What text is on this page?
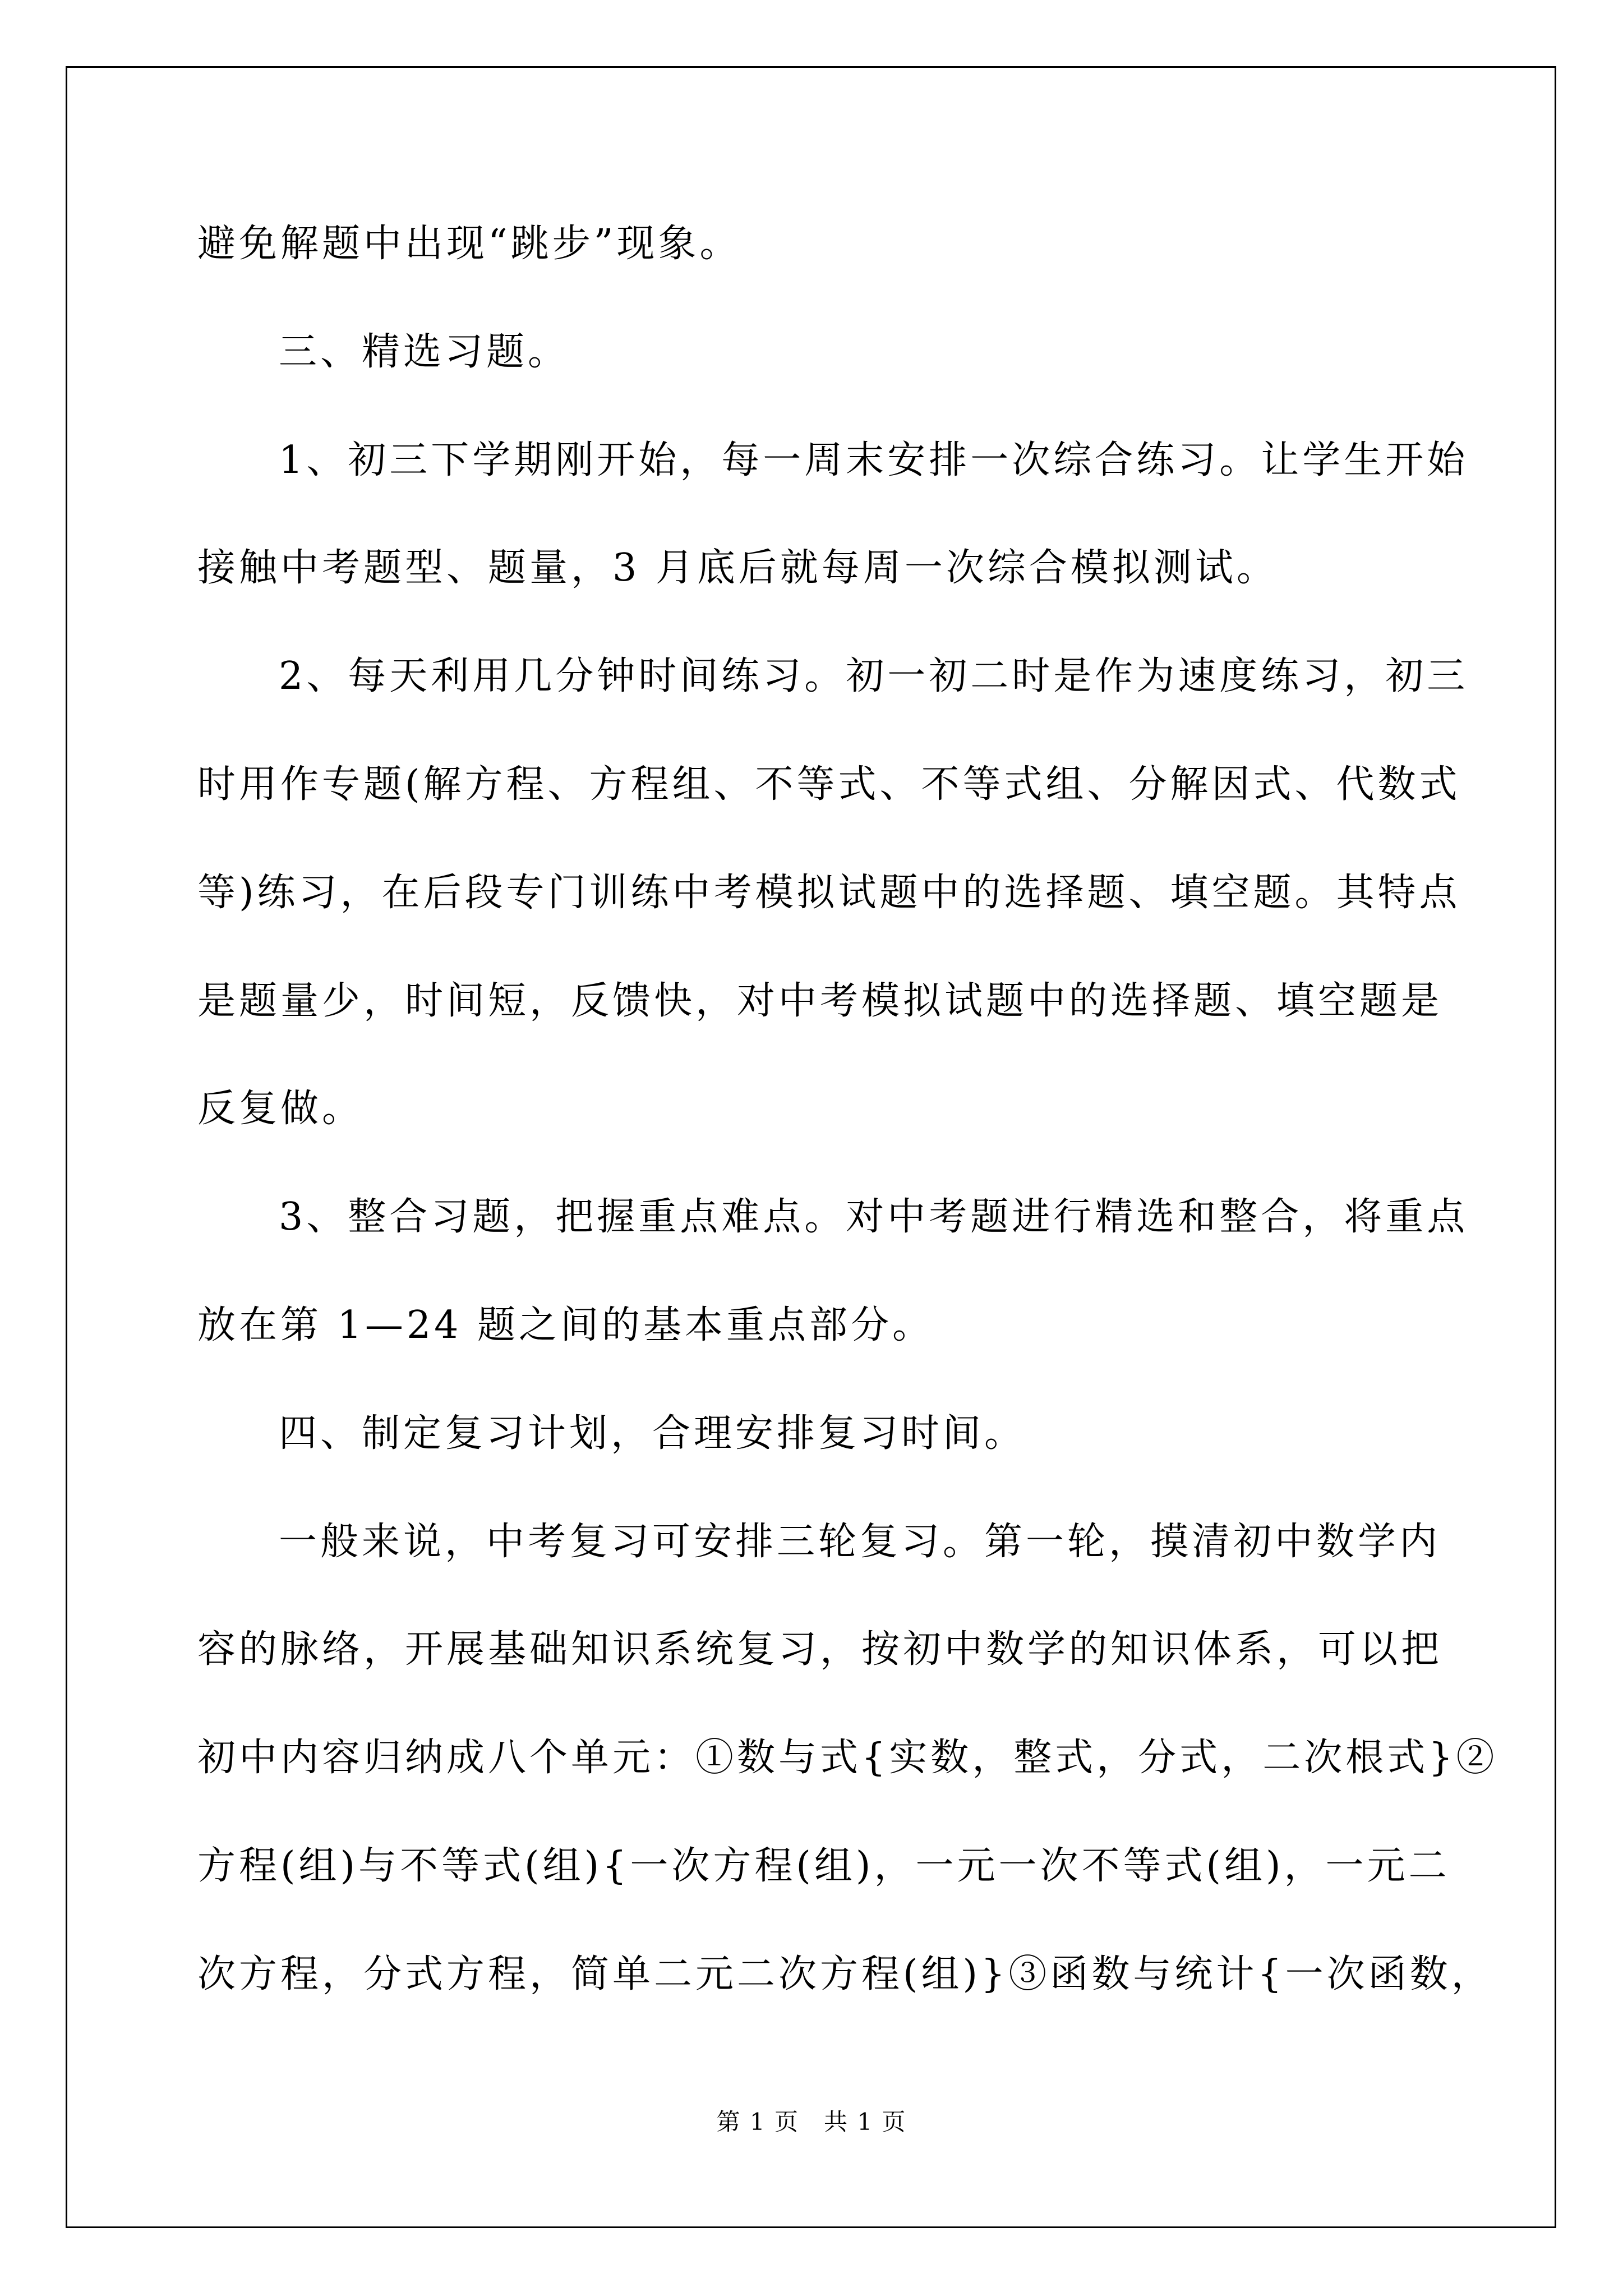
避免解题中出现“跳步”现象。
三、精选习题。
1、初三下学期刚开始，每一周末安排一次综合练习。让学生开始
接触中考题型、题量，3 月底后就每周一次综合模拟测试。
2、每天利用几分钟时间练习。初一初二时是作为速度练习，初三
时用作专题(解方程、方程组、不等式、不等式组、分解因式、代数式
等)练习，在后段专门训练中考模拟试题中的选择题、填空题。其特点
是题量少，时间短，反馈快，对中考模拟试题中的选择题、填空题是
反复做。
3、整合习题，把握重点难点。对中考题进行精选和整合，将重点
放在第 1—24 题之间的基本重点部分。
四、制定复习计划，合理安排复习时间。
一般来说，中考复习可安排三轮复习。第一轮，摸清初中数学内
容的脉络，开展基础知识系统复习，按初中数学的知识体系，可以把
初中内容归纳成八个单元：①数与式{实数，整式，分式，二次根式}②
方程(组)与不等式(组){一次方程(组)，一元一次不等式(组)，一元二
次方程，分式方程，简单二元二次方程(组)}③函数与统计{一次函数，
第 1 页　共 1 页
